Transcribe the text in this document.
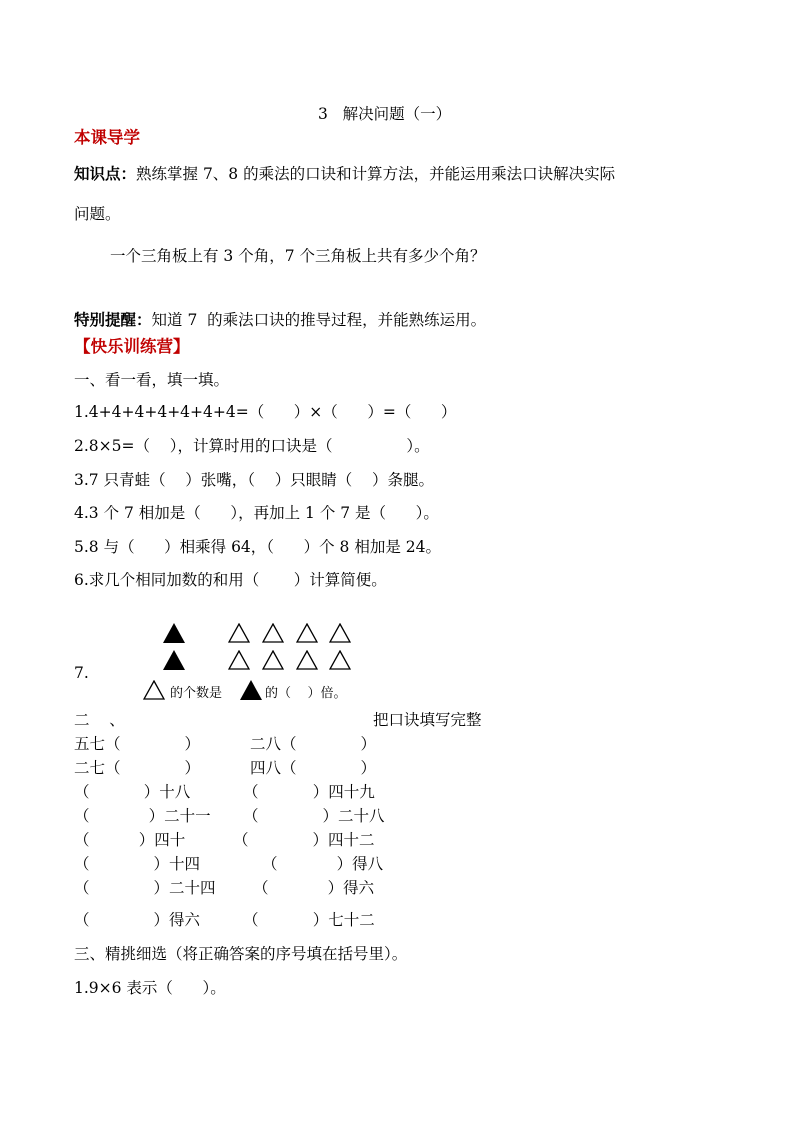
3   解决问题（一）
本课导学
知识点：熟练掌握 7、8 的乘法的口诀和计算方法，并能运用乘法口诀解决实际
问题。
一个三角板上有 3 个角，7 个三角板上共有多少个角？
特别提醒：知道 7  的乘法口诀的推导过程，并能熟练运用。
【快乐训练营】
一、看一看，填一填。
1.4+4+4+4+4+4+4=（      ）×（      ）=（      ）
2.8×5=（    ），计算时用的口诀是（               ）。
3.7 只青蛙（    ）张嘴，（    ）只眼睛（    ）条腿。
4.3 个 7 相加是（      ），再加上 1 个 7 是（      ）。
5.8 与（      ）相乘得 64，（      ）个 8 相加是 24。
6.求几个相同加数的和用（       ）计算简便。
7.
的个数是	的（    ）倍。
二    、	把口诀填写完整
五七（             ）	二八（             ）
二七（             ）	四八（             ）
（           ）十八	（           ）四十九
（            ）二十一 （             ）二十八
（          ）四十	（             ）四十二
（             ）十四	（            ）得八
（             ）二十四 （            ）得六
（             ）得六	（           ）七十二
三、精挑细选（将正确答案的序号填在括号里）。
1.9×6 表示（      ）。
